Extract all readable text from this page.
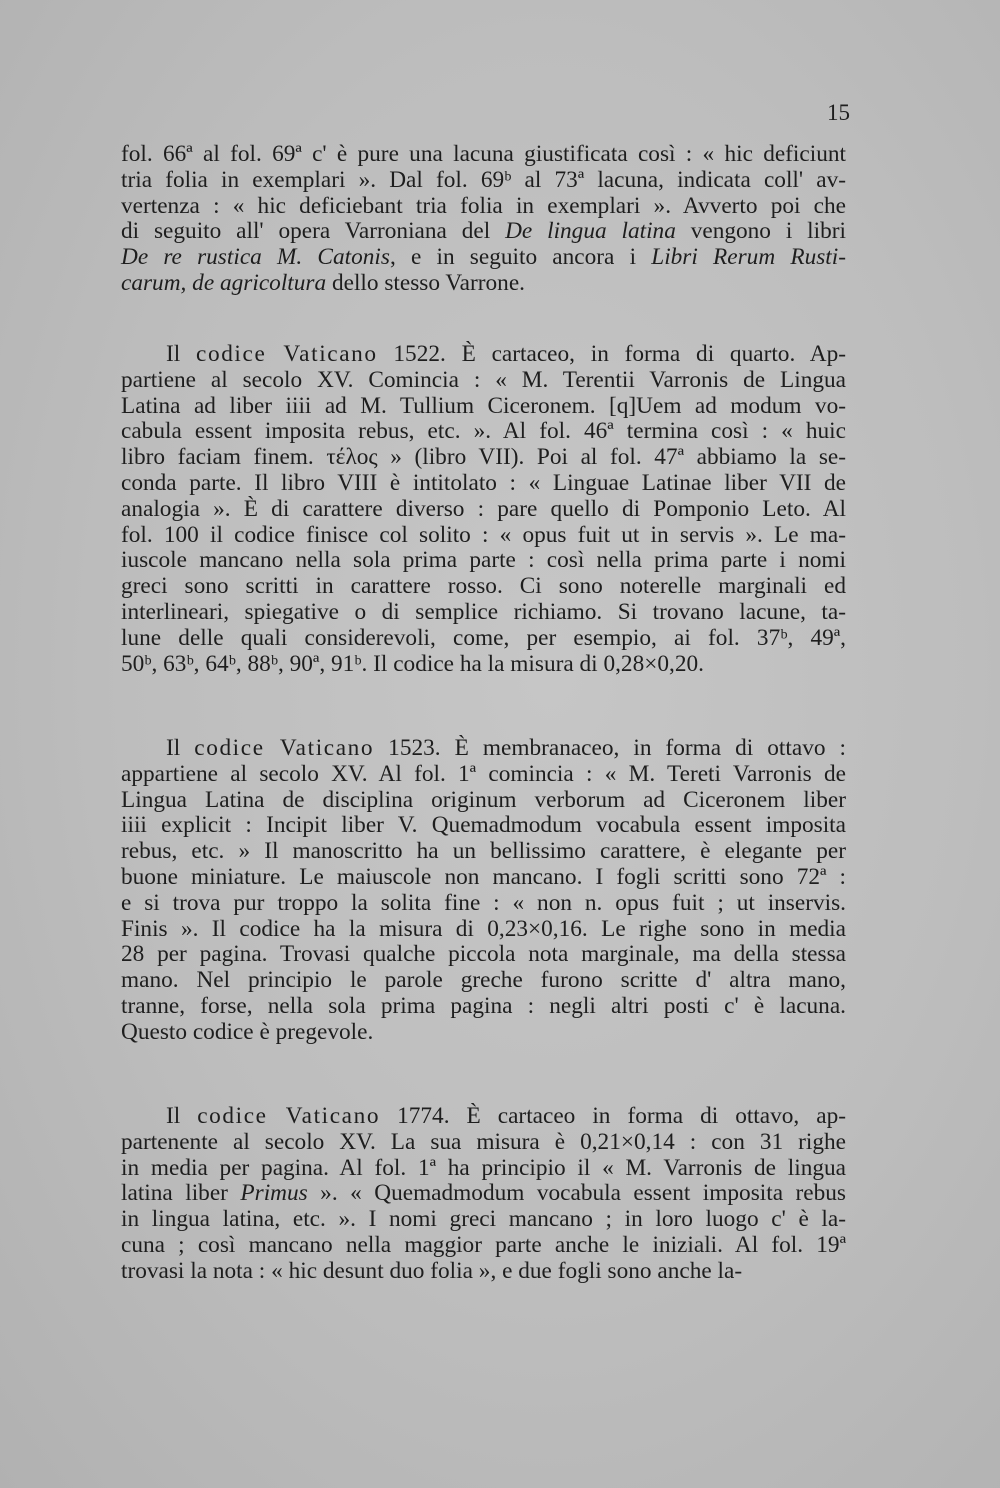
15
fol. 66ª al fol. 69ª c' è pure una lacuna giustificata così : « hic deficiunt
tria folia in exemplari ». Dal fol. 69ᵇ al 73ª lacuna, indicata coll' av-
vertenza : « hic deficiebant tria folia in exemplari ». Avverto poi che
di seguito all' opera Varroniana del De lingua latina vengono i libri
De re rustica M. Catonis, e in seguito ancora i Libri Rerum Rusti-
carum, de agricoltura dello stesso Varrone.
Il codice Vaticano 1522. È cartaceo, in forma di quarto. Ap-
partiene al secolo XV. Comincia : « M. Terentii Varronis de Lingua
Latina ad liber iiii ad M. Tullium Ciceronem. [q]Uem ad modum vo-
cabula essent imposita rebus, etc. ». Al fol. 46ª termina così : « huic
libro faciam finem. τέλος » (libro VII). Poi al fol. 47ª abbiamo la se-
conda parte. Il libro VIII è intitolato : « Linguae Latinae liber VII de
analogia ». È di carattere diverso : pare quello di Pomponio Leto. Al
fol. 100 il codice finisce col solito : « opus fuit ut in servis ». Le ma-
iuscole mancano nella sola prima parte : così nella prima parte i nomi
greci sono scritti in carattere rosso. Ci sono noterelle marginali ed
interlineari, spiegative o di semplice richiamo. Si trovano lacune, ta-
lune delle quali considerevoli, come, per esempio, ai fol. 37ᵇ, 49ª,
50ᵇ, 63ᵇ, 64ᵇ, 88ᵇ, 90ª, 91ᵇ. Il codice ha la misura di 0,28×0,20.
Il codice Vaticano 1523. È membranaceo, in forma di ottavo :
appartiene al secolo XV. Al fol. 1ª comincia : « M. Tereti Varronis de
Lingua Latina de disciplina originum verborum ad Ciceronem liber
iiii explicit : Incipit liber V. Quemadmodum vocabula essent imposita
rebus, etc. » Il manoscritto ha un bellissimo carattere, è elegante per
buone miniature. Le maiuscole non mancano. I fogli scritti sono 72ª :
e si trova pur troppo la solita fine : « non n. opus fuit ; ut inservis.
Finis ». Il codice ha la misura di 0,23×0,16. Le righe sono in media
28 per pagina. Trovasi qualche piccola nota marginale, ma della stessa
mano. Nel principio le parole greche furono scritte d' altra mano,
tranne, forse, nella sola prima pagina : negli altri posti c' è lacuna.
Questo codice è pregevole.
Il codice Vaticano 1774. È cartaceo in forma di ottavo, ap-
partenente al secolo XV. La sua misura è 0,21×0,14 : con 31 righe
in media per pagina. Al fol. 1ª ha principio il « M. Varronis de lingua
latina liber Primus ». « Quemadmodum vocabula essent imposita rebus
in lingua latina, etc. ». I nomi greci mancano ; in loro luogo c' è la-
cuna ; così mancano nella maggior parte anche le iniziali. Al fol. 19ª
trovasi la nota : « hic desunt duo folia », e due fogli sono anche la-
